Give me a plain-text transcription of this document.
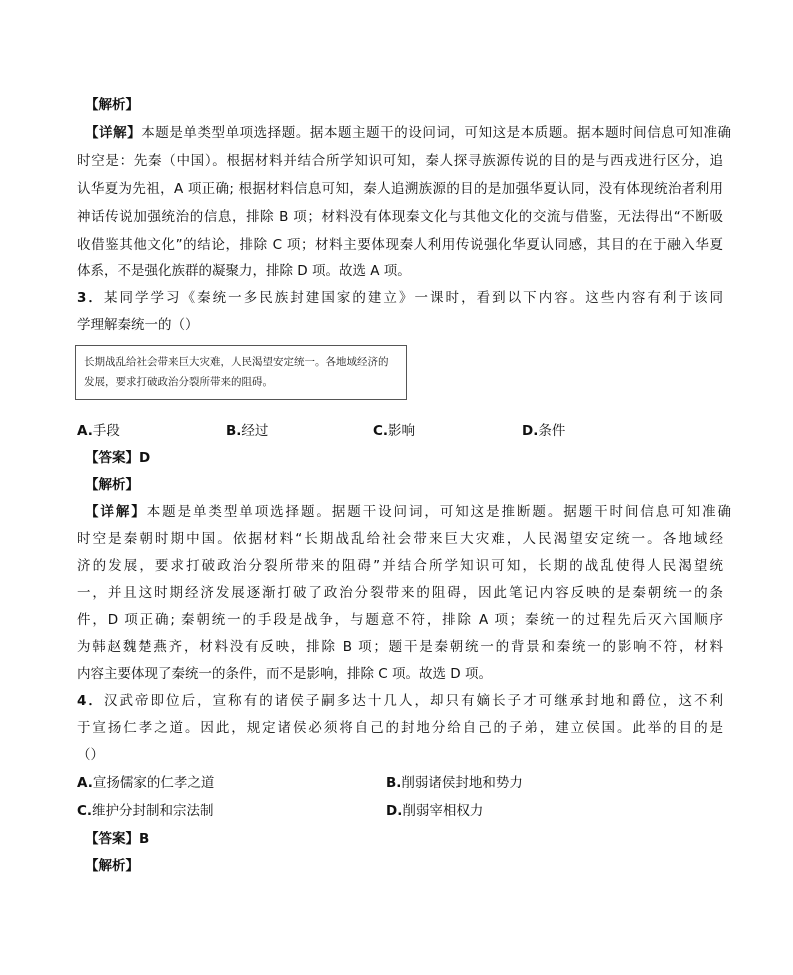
【解析】
【详解】本题是单类型单项选择题。据本题主题干的设问词，可知这是本质题。据本题时间信息可知准确
时空是：先秦（中国）。根据材料并结合所学知识可知，秦人探寻族源传说的目的是与西戎进行区分，追
认华夏为先祖，A 项正确; 根据材料信息可知，秦人追溯族源的目的是加强华夏认同，没有体现统治者利用
神话传说加强统治的信息，排除 B 项；材料没有体现秦文化与其他文化的交流与借鉴，无法得出“不断吸
收借鉴其他文化”的结论，排除 C 项；材料主要体现秦人利用传说强化华夏认同感，其目的在于融入华夏
体系，不是强化族群的凝聚力，排除 D 项。故选 A 项。
3．某同学学习《秦统一多民族封建国家的建立》一课时，看到以下内容。这些内容有利于该同
学理解秦统一的（）
长期战乱给社会带来巨大灾难，人民渴望安定统一。各地域经济的
发展，要求打破政治分裂所带来的阻碍。
A.手段	B.经过	C.影响	D.条件
【答案】D
【解析】
【详解】本题是单类型单项选择题。据题干设问词，可知这是推断题。据题干时间信息可知准确
时空是秦朝时期中国。依据材料“长期战乱给社会带来巨大灾难，人民渴望安定统一。各地域经
济的发展，要求打破政治分裂所带来的阻碍”并结合所学知识可知，长期的战乱使得人民渴望统
一，并且这时期经济发展逐渐打破了政治分裂带来的阻碍，因此笔记内容反映的是秦朝统一的条
件，D 项正确; 秦朝统一的手段是战争，与题意不符，排除 A 项；秦统一的过程先后灭六国顺序
为韩赵魏楚燕齐，材料没有反映，排除 B 项；题干是秦朝统一的背景和秦统一的影响不符，材料
内容主要体现了秦统一的条件，而不是影响，排除 C 项。故选 D 项。
4．汉武帝即位后，宣称有的诸侯子嗣多达十几人，却只有嫡长子才可继承封地和爵位，这不利
于宣扬仁孝之道。因此，规定诸侯必须将自己的封地分给自己的子弟，建立侯国。此举的目的是
（）
A.宣扬儒家的仁孝之道	B.削弱诸侯封地和势力
C.维护分封制和宗法制	D.削弱宰相权力
【答案】B
【解析】
